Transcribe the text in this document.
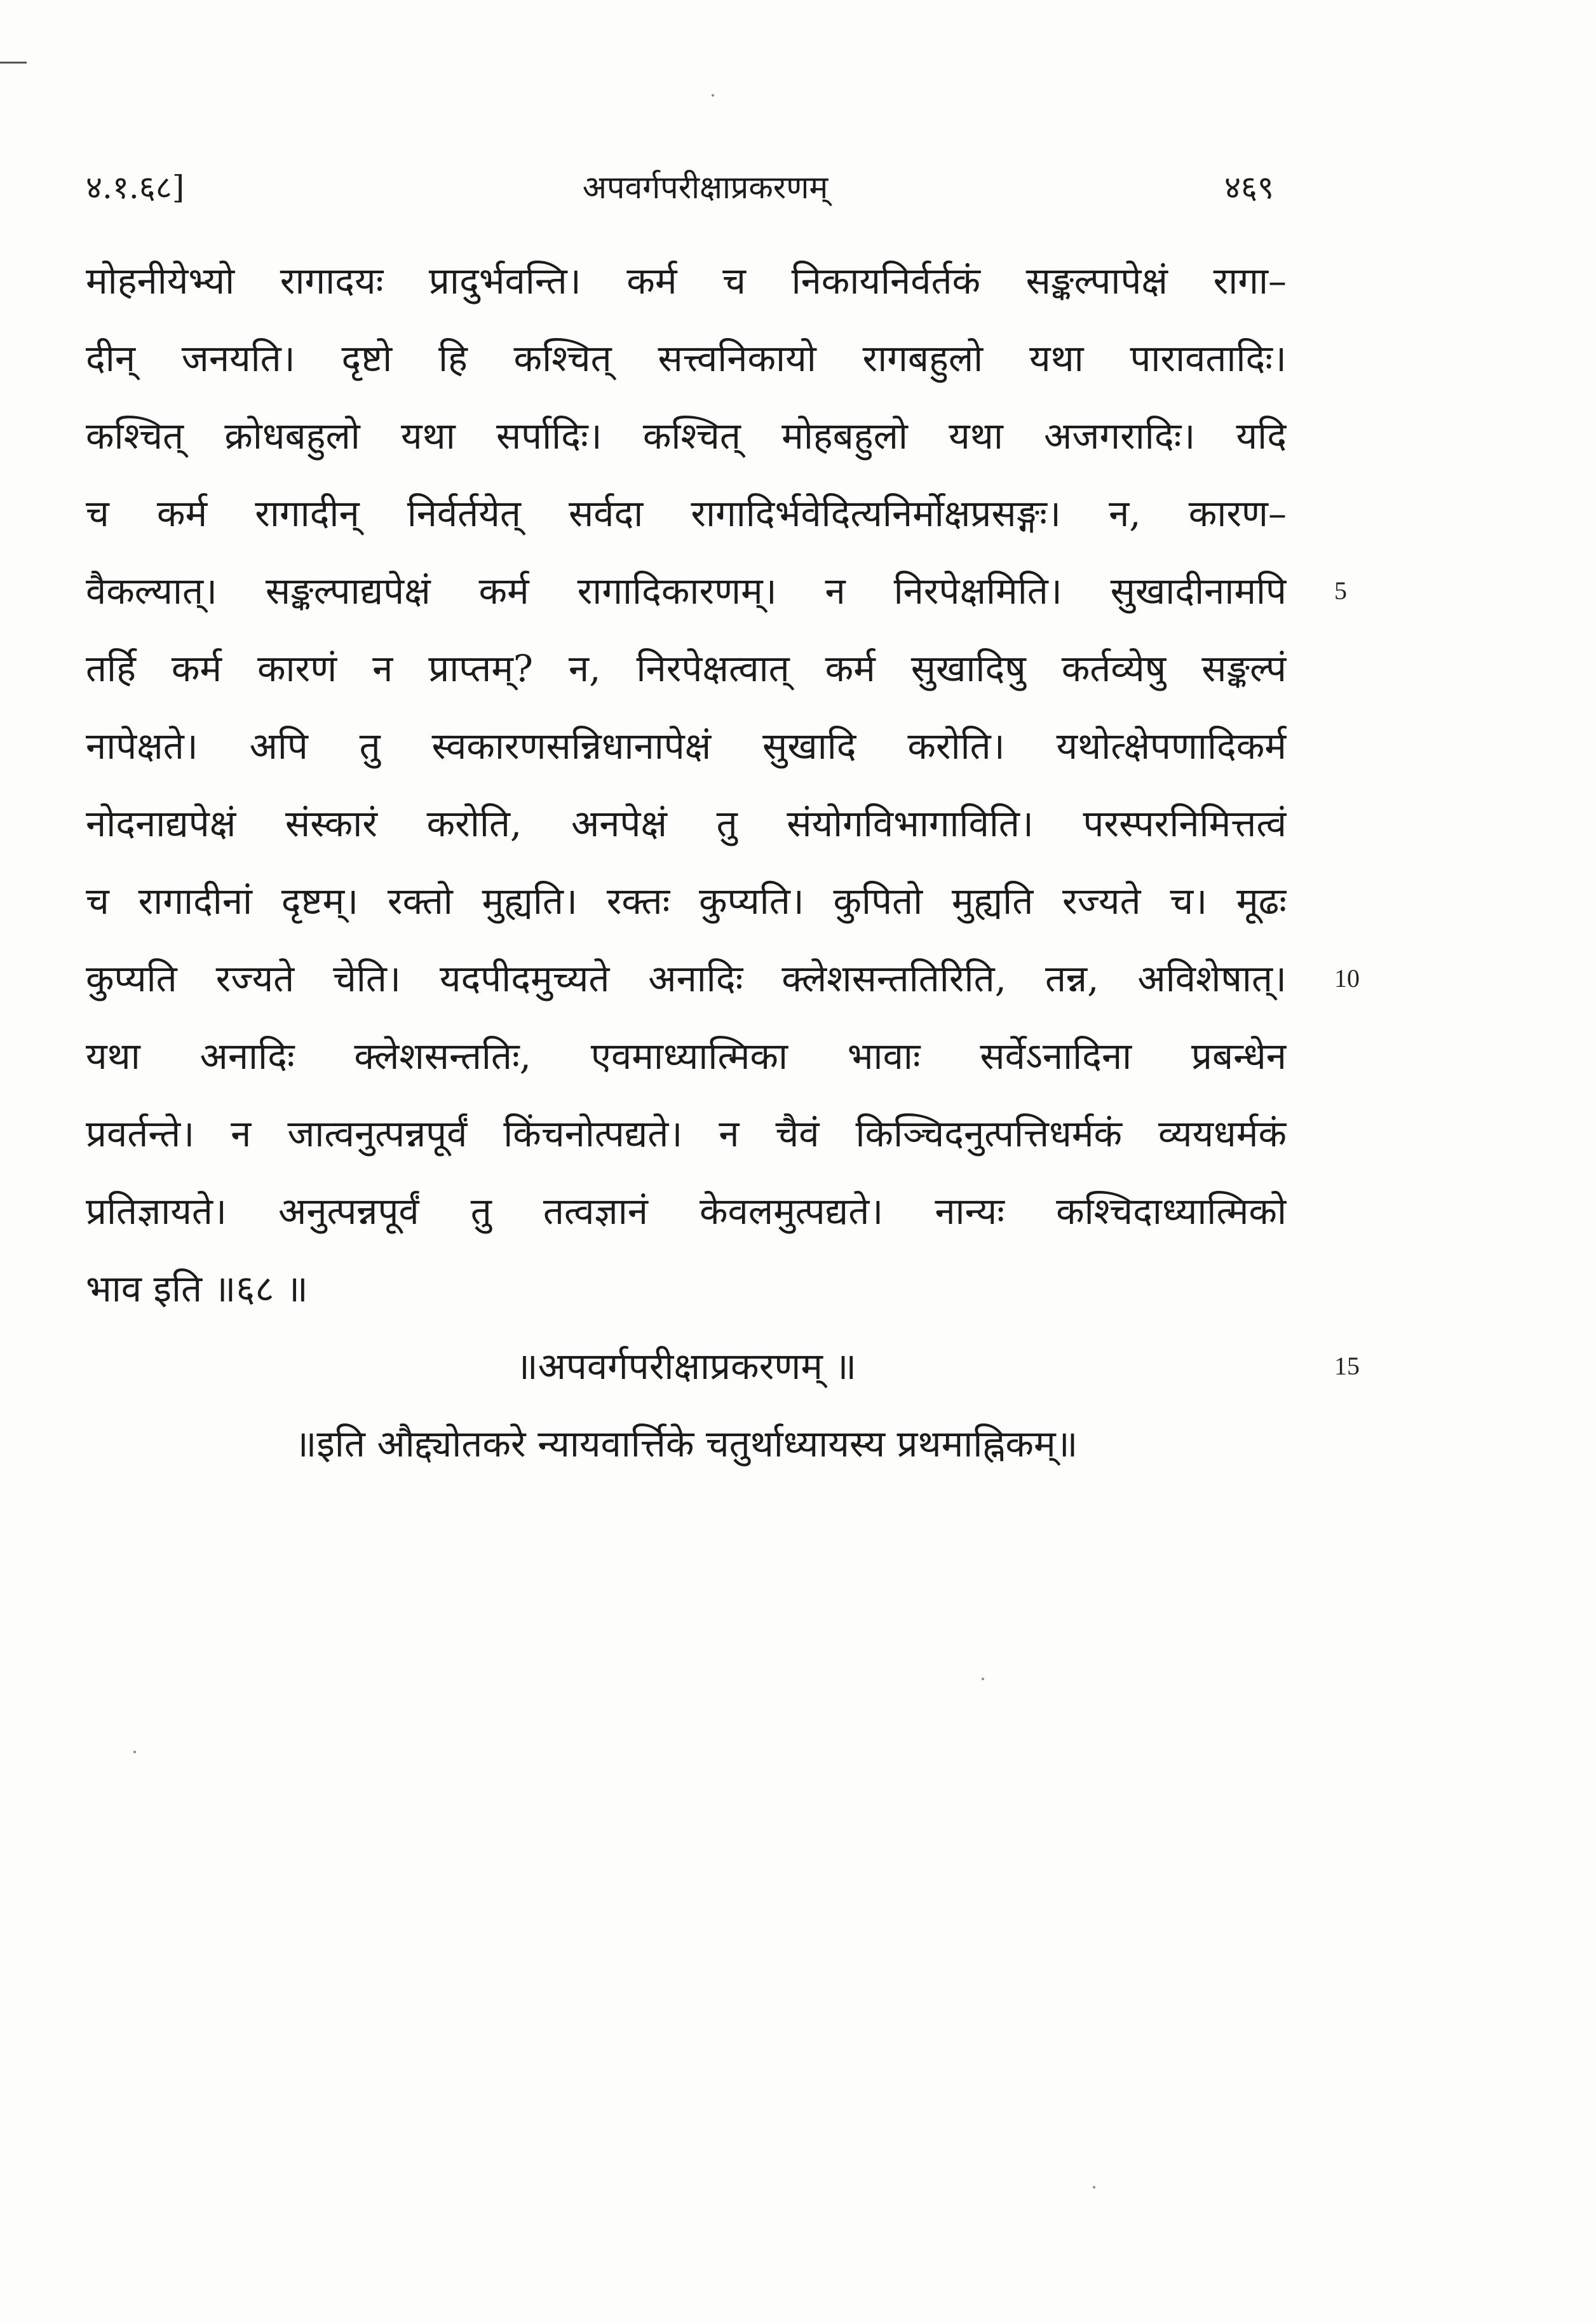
४.१.६८]	अपवर्गपरीक्षाप्रकरणम्	४६९
मोहनीयेभ्यो रागादयः प्रादुर्भवन्ति। कर्म च निकायनिर्वर्तकं सङ्कल्पापेक्षं रागा–
दीन् जनयति। दृष्टो हि कश्चित् सत्त्वनिकायो रागबहुलो यथा पारावतादिः।
कश्चित् क्रोधबहुलो यथा सर्पादिः। कश्चित् मोहबहुलो यथा अजगरादिः। यदि
च कर्म रागादीन् निर्वर्तयेत् सर्वदा रागादिर्भवेदित्यनिर्मोक्षप्रसङ्गः। न, कारण–
वैकल्यात्। सङ्कल्पाद्यपेक्षं कर्म रागादिकारणम्। न निरपेक्षमिति। सुखादीनामपि
तर्हि कर्म कारणं न प्राप्तम्? न, निरपेक्षत्वात् कर्म सुखादिषु कर्तव्येषु सङ्कल्पं
नापेक्षते। अपि तु स्वकारणसन्निधानापेक्षं सुखादि करोति। यथोत्क्षेपणादिकर्म
नोदनाद्यपेक्षं संस्कारं करोति, अनपेक्षं तु संयोगविभागाविति। परस्परनिमित्तत्वं
च रागादीनां दृष्टम्। रक्तो मुह्यति। रक्तः कुप्यति। कुपितो मुह्यति रज्यते च। मूढः
कुप्यति रज्यते चेति। यदपीदमुच्यते अनादिः क्लेशसन्ततिरिति, तन्न, अविशेषात्।
यथा अनादिः क्लेशसन्ततिः, एवमाध्यात्मिका भावाः सर्वेऽनादिना प्रबन्धेन
प्रवर्तन्ते। न जात्वनुत्पन्नपूर्वं किंचनोत्पद्यते। न चैवं किञ्चिदनुत्पत्तिधर्मकं व्ययधर्मकं
प्रतिज्ञायते। अनुत्पन्नपूर्वं तु तत्वज्ञानं केवलमुत्पद्यते। नान्यः कश्चिदाध्यात्मिको
भाव इति ॥६८ ॥
॥अपवर्गपरीक्षाप्रकरणम् ॥
॥इति औद्द्योतकरे न्यायवार्त्तिके चतुर्थाध्यायस्य प्रथमाह्निकम्॥
5
10
15
